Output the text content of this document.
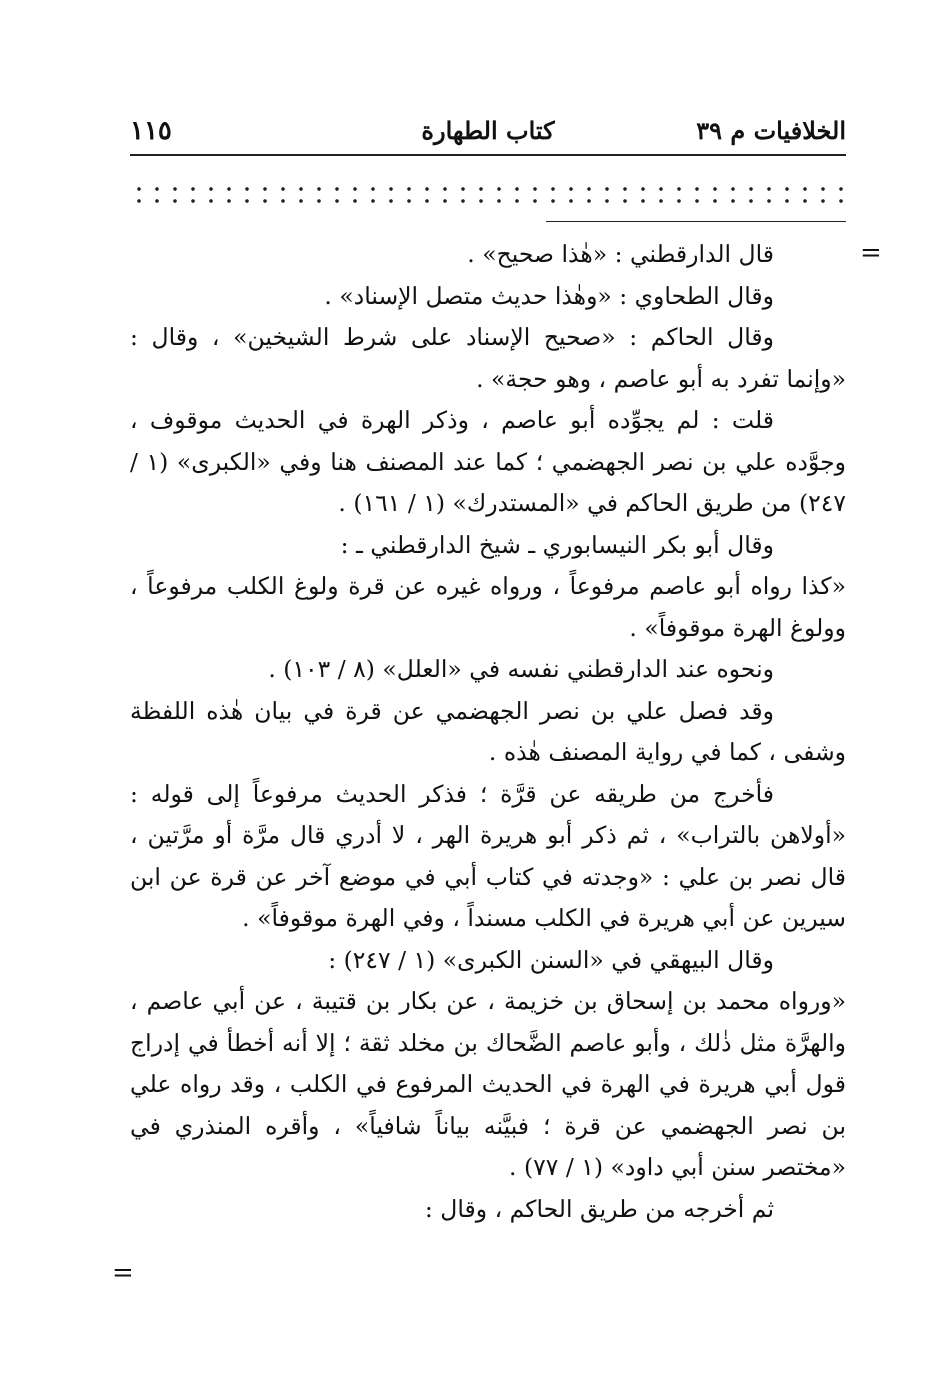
الخلافيات م ٣٩
كتاب الطهارة
١١٥
=
=

قال الدارقطني : «هٰذا صحيح» .

وقال الطحاوي : «وهٰذا حديث متصل الإسناد» .

وقال الحاكم : «صحيح الإسناد على شرط الشيخين» ، وقال : «وإنما تفرد به أبو عاصم ، وهو حجة» .

قلت : لم يجوِّده أبو عاصم ، وذكر الهرة في الحديث موقوف ، وجوَّده علي بن نصر الجهضمي ؛ كما عند المصنف هنا وفي «الكبرى» (١ / ٢٤٧) من طريق الحاكم في «المستدرك» (١ / ١٦١) .

وقال أبو بكر النيسابوري ـ شيخ الدارقطني ـ :

«كذا رواه أبو عاصم مرفوعاً ، ورواه غيره عن قرة ولوغ الكلب مرفوعاً ، وولوغ الهرة موقوفاً» .

ونحوه عند الدارقطني نفسه في «العلل» (٨ / ١٠٣) .

وقد فصل علي بن نصر الجهضمي عن قرة في بيان هٰذه اللفظة وشفى ، كما في رواية المصنف هٰذه .

فأخرج من طريقه عن قرَّة ؛ فذكر الحديث مرفوعاً إلى قوله : «أولاهن بالتراب» ، ثم ذكر أبو هريرة الهر ، لا أدري قال مرَّة أو مرَّتين ، قال نصر بن علي : «وجدته في كتاب أبي في موضع آخر عن قرة عن ابن سيرين عن أبي هريرة في الكلب مسنداً ، وفي الهرة موقوفاً» .

وقال البيهقي في «السنن الكبرى» (١ / ٢٤٧) :

«ورواه محمد بن إسحاق بن خزيمة ، عن بكار بن قتيبة ، عن أبي عاصم ، والهرَّة مثل ذٰلك ، وأبو عاصم الضَّحاك بن مخلد ثقة ؛ إلا أنه أخطأ في إدراج قول أبي هريرة في الهرة في الحديث المرفوع في الكلب ، وقد رواه علي بن نصر الجهضمي عن قرة ؛ فبيَّنه بياناً شافياً» ، وأقره المنذري في «مختصر سنن أبي داود» (١ / ٧٧) .

ثم أخرجه من طريق الحاكم ، وقال :
